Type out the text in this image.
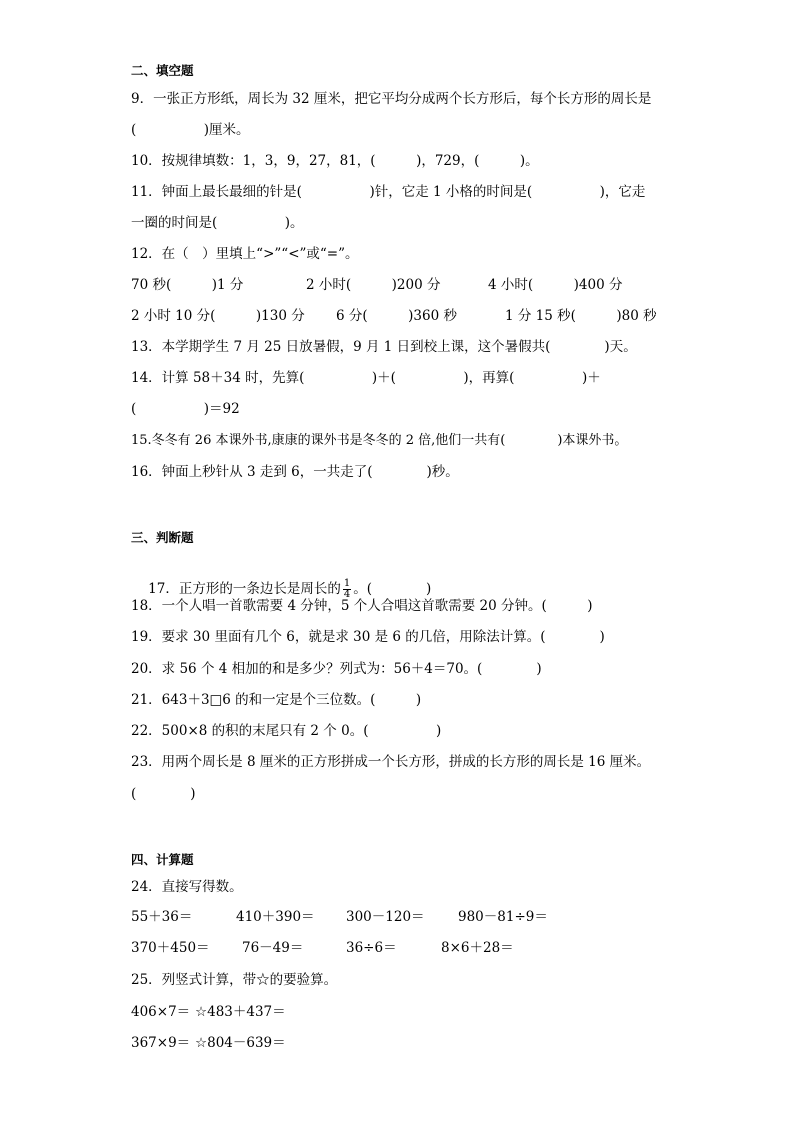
二、填空题
9．一张正方形纸，周长为 32 厘米，把它平均分成两个长方形后，每个长方形的周长是
(　　　　　)厘米。
10．按规律填数：1，3，9，27，81，(　　　)，729，(　　　)。
11．钟面上最长最细的针是(　　　　　)针，它走 1 小格的时间是(　　　　　)，它走
一圈的时间是(　　　　　)。
12．在（　）里填上“>”“<”或“=”。
70 秒(　　　)1 分	2 小时(　　　)200 分	4 小时(　　　)400 分
2 小时 10 分(　　　)130 分 6 分(　　　)360 秒	1 分 15 秒(　　　)80 秒
13．本学期学生 7 月 25 日放暑假，9 月 1 日到校上课，这个暑假共(　　　　)天。
14．计算 58＋34 时，先算(　　　　　)＋(　　　　　)，再算(　　　　　)＋
(　　　　　)＝92
15.冬冬有 26 本课外书,康康的课外书是冬冬的 2 倍,他们一共有(　　　　)本课外书。
16．钟面上秒针从 3 走到 6，一共走了(　　　　)秒。
三、判断题

17．正方形的一条边长是周长的 $\frac{1}{4}$ 。(　　　　)

18．一个人唱一首歌需要 4 分钟，5 个人合唱这首歌需要 20 分钟。(　　　)
19．要求 30 里面有几个 6，就是求 30 是 6 的几倍，用除法计算。(　　　　)
20．求 56 个 4 相加的和是多少？列式为：56＋4＝70。(　　　　)
21．643＋3□6 的和一定是个三位数。(　　　)
22．500×8 的积的末尾只有 2 个 0。(　　　　　)
23．用两个周长是 8 厘米的正方形拼成一个长方形，拼成的长方形的周长是 16 厘米。
(　　　　)
四、计算题
24．直接写得数。
55＋36＝	410＋390＝ 300－120＝ 980－81÷9＝
370＋450＝ 76－49＝	36÷6＝	8×6＋28＝
25．列竖式计算，带☆的要验算。
406×7＝ ☆483＋437＝
367×9＝ ☆804－639＝
